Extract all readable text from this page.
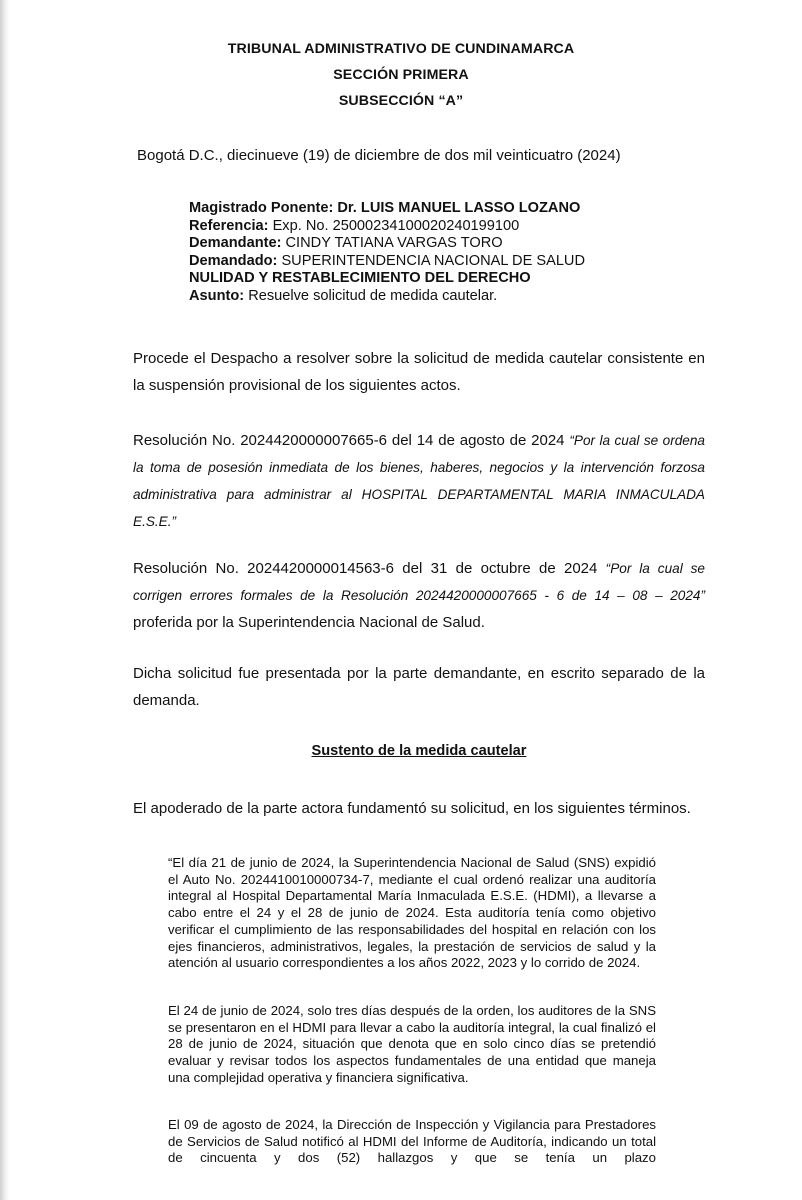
TRIBUNAL ADMINISTRATIVO DE CUNDINAMARCA
SECCIÓN PRIMERA
SUBSECCIÓN “A”
Bogotá D.C., diecinueve (19) de diciembre de dos mil veinticuatro (2024)
Magistrado Ponente: Dr. LUIS MANUEL LASSO LOZANO
Referencia: Exp. No. 25000234100020240199100
Demandante: CINDY TATIANA VARGAS TORO
Demandado: SUPERINTENDENCIA NACIONAL DE SALUD
NULIDAD Y RESTABLECIMIENTO DEL DERECHO
Asunto: Resuelve solicitud de medida cautelar.
Procede el Despacho a resolver sobre la solicitud de medida cautelar consistente en la suspensión provisional de los siguientes actos.
Resolución No. 2024420000007665-6 del 14 de agosto de 2024 “Por la cual se ordena la toma de posesión inmediata de los bienes, haberes, negocios y la intervención forzosa administrativa para administrar al HOSPITAL DEPARTAMENTAL MARIA INMACULADA E.S.E.”
Resolución No. 2024420000014563-6 del 31 de octubre de 2024 “Por la cual se corrigen errores formales de la Resolución 2024420000007665 - 6 de 14 – 08 – 2024” proferida por la Superintendencia Nacional de Salud.
Dicha solicitud fue presentada por la parte demandante, en escrito separado de la demanda.
Sustento de la medida cautelar
El apoderado de la parte actora fundamentó su solicitud, en los siguientes términos.
“El día 21 de junio de 2024, la Superintendencia Nacional de Salud (SNS) expidió el Auto No. 2024410010000734-7, mediante el cual ordenó realizar una auditoría integral al Hospital Departamental María Inmaculada E.S.E. (HDMI), a llevarse a cabo entre el 24 y el 28 de junio de 2024. Esta auditoría tenía como objetivo verificar el cumplimiento de las responsabilidades del hospital en relación con los ejes financieros, administrativos, legales, la prestación de servicios de salud y la atención al usuario correspondientes a los años 2022, 2023 y lo corrido de 2024.
El 24 de junio de 2024, solo tres días después de la orden, los auditores de la SNS se presentaron en el HDMI para llevar a cabo la auditoría integral, la cual finalizó el 28 de junio de 2024, situación que denota que en solo cinco días se pretendió evaluar y revisar todos los aspectos fundamentales de una entidad que maneja una complejidad operativa y financiera significativa.
El 09 de agosto de 2024, la Dirección de Inspección y Vigilancia para Prestadores de Servicios de Salud notificó al HDMI del Informe de Auditoría, indicando un total de cincuenta y dos (52) hallazgos y que se tenía un plazo
